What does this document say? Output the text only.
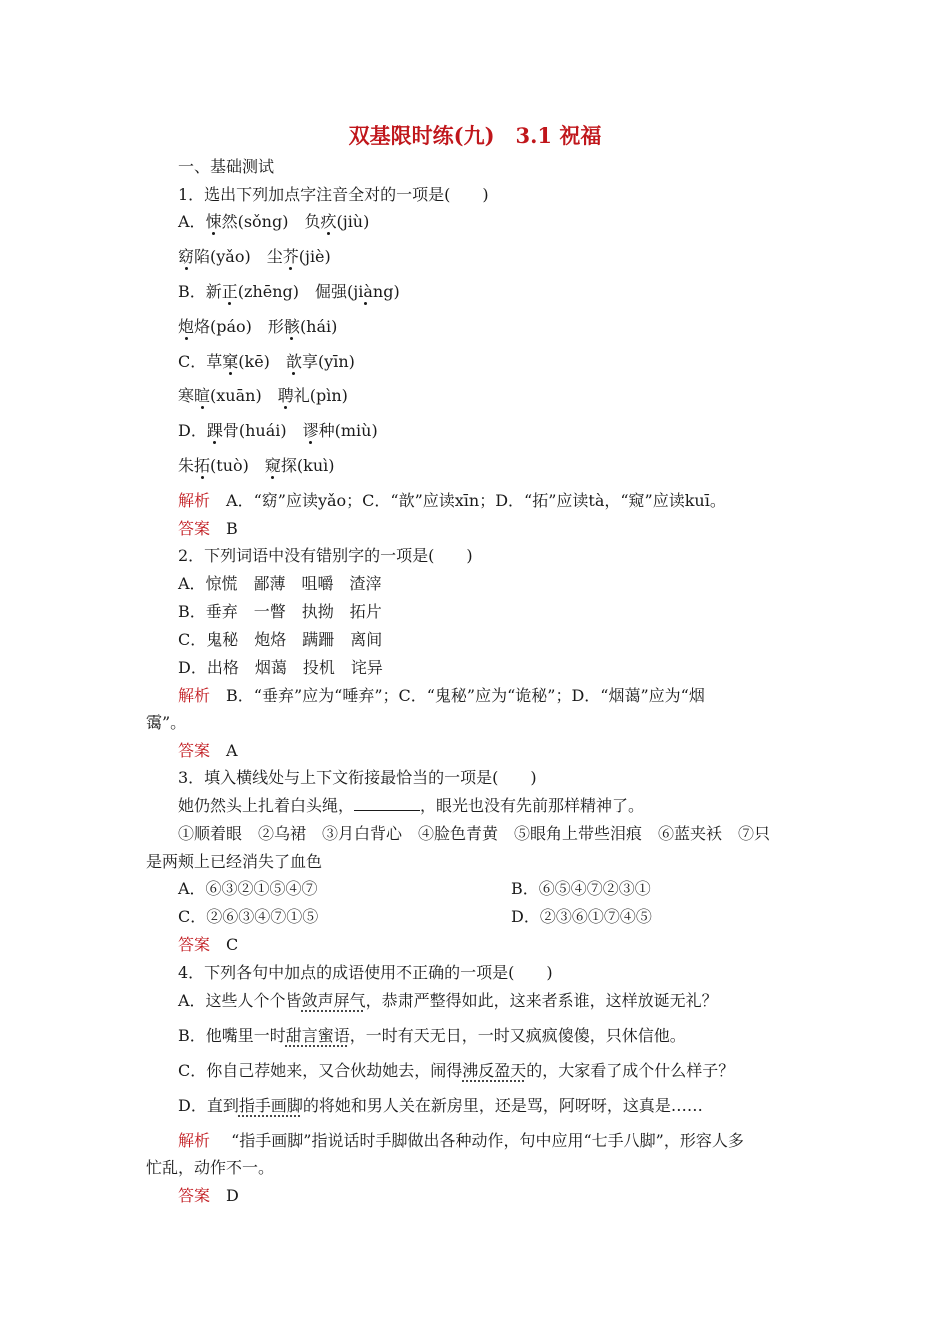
双基限时练(九)　3.1 祝福
一、基础测试
1．选出下列加点字注音全对的一项是(　　)
A．悚然(sǒng)　负疚(jiù)
窈陷(yǎo)　尘芥(jiè)
B．新正(zhēng)　倔强(jiàng)
炮烙(páo)　形骸(hái)
C．草窠(kē)　歆享(yīn)
寒暄(xuān)　聘礼(pìn)
D．踝骨(huái)　谬种(miù)
朱拓(tuò)　窥探(kuì)
解析　 A．“窈”应读yǎo；C．“歆”应读xīn；D．“拓”应读tà，“窥”应读kuī。
答案　 B
2．下列词语中没有错别字的一项是(　　)
A．惊慌　鄙薄　咀嚼　渣滓
B．垂弃　一瞥　执拗　拓片
C．鬼秘　炮烙　蹒跚　离间
D．出格　烟蔼　投机　诧异
解析　 B．“垂弃”应为“唾弃”；C．“鬼秘”应为“诡秘”；D．“烟蔼”应为“烟
霭”。
答案　 A
3．填入横线处与上下文衔接最恰当的一项是(　　)
她仍然头上扎着白头绳，	，眼光也没有先前那样精神了。
①顺着眼　②乌裙　③月白背心　④脸色青黄　⑤眼角上带些泪痕　⑥蓝夹袄　⑦只
是两颊上已经消失了血色
A．⑥③②①⑤④⑦	B．⑥⑤④⑦②③①
C．②⑥③④⑦①⑤	D．②③⑥①⑦④⑤
答案　 C
4．下列各句中加点的成语使用不正确的一项是(　　)
A．这些人个个皆敛声屏气，恭肃严整得如此，这来者系谁，这样放诞无礼？
B．他嘴里一时甜言蜜语，一时有天无日，一时又疯疯傻傻，只休信他。
C．你自己荐她来，又合伙劫她去，闹得沸反盈天的，大家看了成个什么样子？
D．直到指手画脚的将她和男人关在新房里，还是骂，阿呀呀，这真是……
解析　 “指手画脚”指说话时手脚做出各种动作，句中应用“七手八脚”，形容人多
忙乱，动作不一。
答案　 D
